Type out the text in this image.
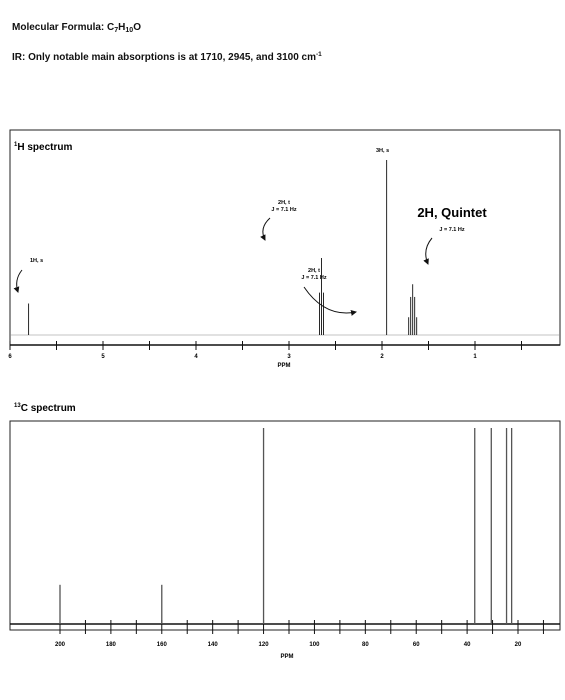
Molecular Formula: $C_7H_{10}O$
IR: Only notable main absorptions is at 1710, 2945, and 3100 $cm^{-1}$
$^1$H spectrum
6	5	4	3	2	1
PPM
1H, s
2H, t
J = 7.1 Hz
2H, t
J = 7.1 Hz
3H, s
2H, Quintet
J = 7.1 Hz
$^{13}$C spectrum
200	180	160	140	120	100	80	60	40	20
PPM
